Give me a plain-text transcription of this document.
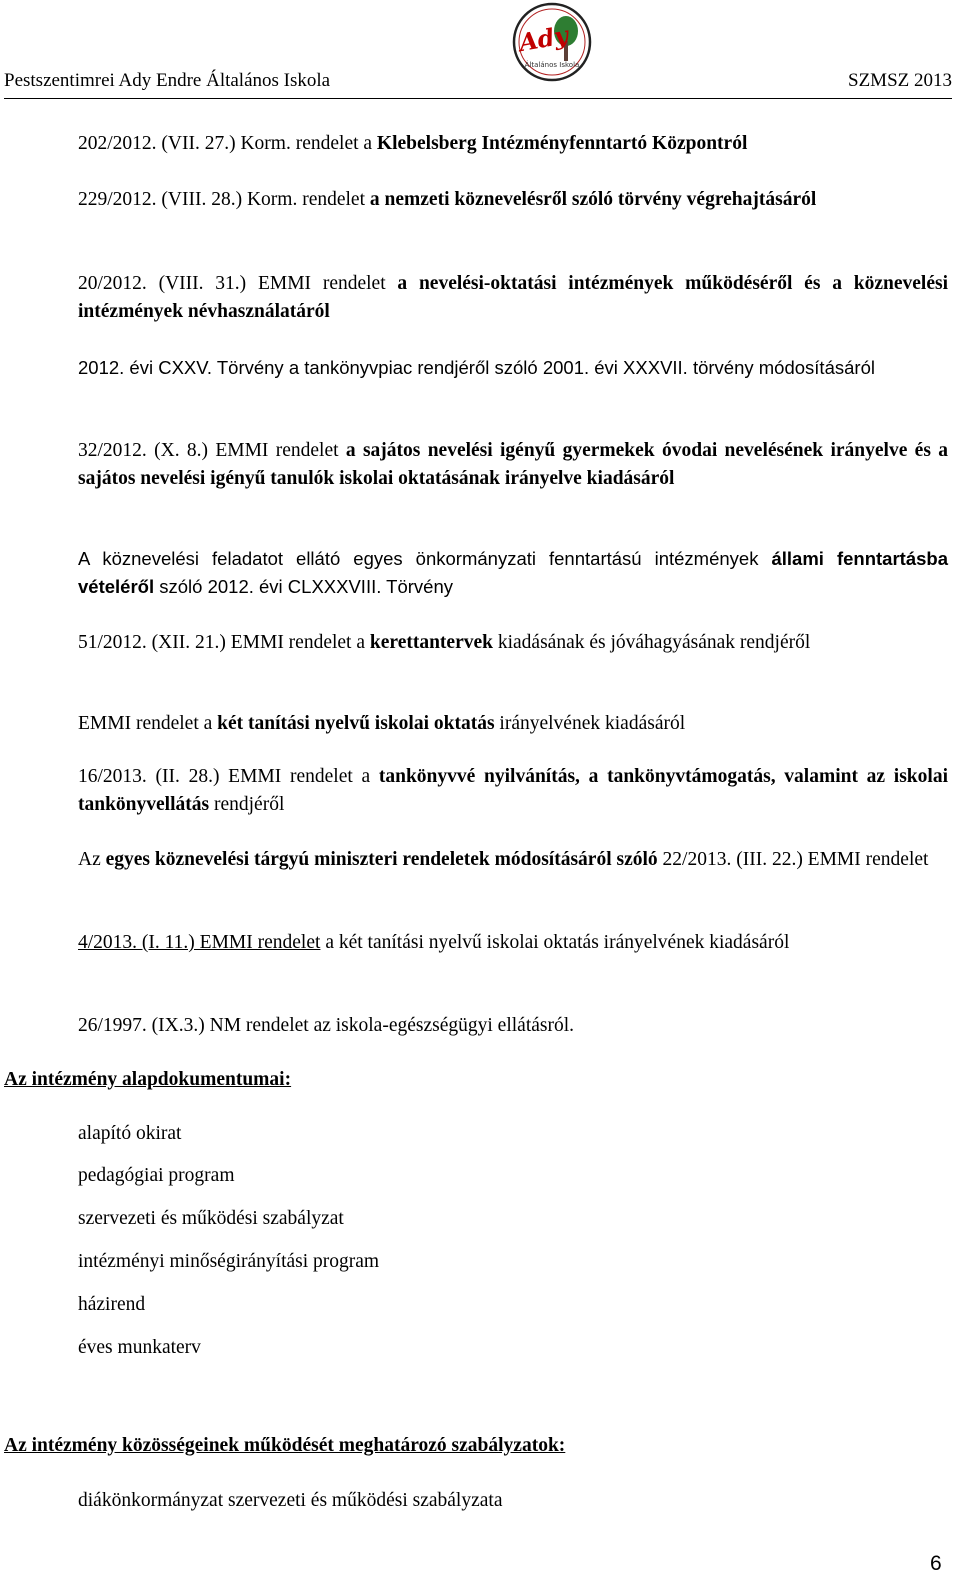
Pestszentimrei Ady Endre Általános Iskola	SZMSZ 2013
Ady
Általános Iskola
202/2012. (VII. 27.) Korm. rendelet a Klebelsberg Intézményfenntartó Központról
229/2012. (VIII. 28.) Korm. rendelet a nemzeti köznevelésről szóló törvény végrehajtásáról
20/2012. (VIII. 31.) EMMI rendelet a nevelési-oktatási intézmények működéséről és a köznevelési intézmények névhasználatáról
2012. évi CXXV. Törvény a tankönyvpiac rendjéről szóló 2001. évi XXXVII. törvény módosításáról
32/2012. (X. 8.) EMMI rendelet a sajátos nevelési igényű gyermekek óvodai nevelésének irányelve és a sajátos nevelési igényű tanulók iskolai oktatásának irányelve kiadásáról
A köznevelési feladatot ellátó egyes önkormányzati fenntartású intézmények állami fenntartásba vételéről szóló 2012. évi CLXXXVIII. Törvény
51/2012. (XII. 21.) EMMI rendelet a kerettantervek kiadásának és jóváhagyásának rendjéről
EMMI rendelet a két tanítási nyelvű iskolai oktatás irányelvének kiadásáról
16/2013. (II. 28.) EMMI rendelet a tankönyvvé nyilvánítás, a tankönyvtámogatás, valamint az iskolai tankönyvellátás rendjéről
Az egyes köznevelési tárgyú miniszteri rendeletek módosításáról szóló 22/2013. (III. 22.) EMMI rendelet
4/2013. (I. 11.) EMMI rendelet a két tanítási nyelvű iskolai oktatás irányelvének kiadásáról
26/1997. (IX.3.) NM rendelet az iskola-egészségügyi ellátásról.
Az intézmény alapdokumentumai:
alapító okirat
pedagógiai program
szervezeti és működési szabályzat
intézményi minőségirányítási program
házirend
éves munkaterv
Az intézmény közösségeinek működését meghatározó szabályzatok:
diákönkormányzat szervezeti és működési szabályzata
6
